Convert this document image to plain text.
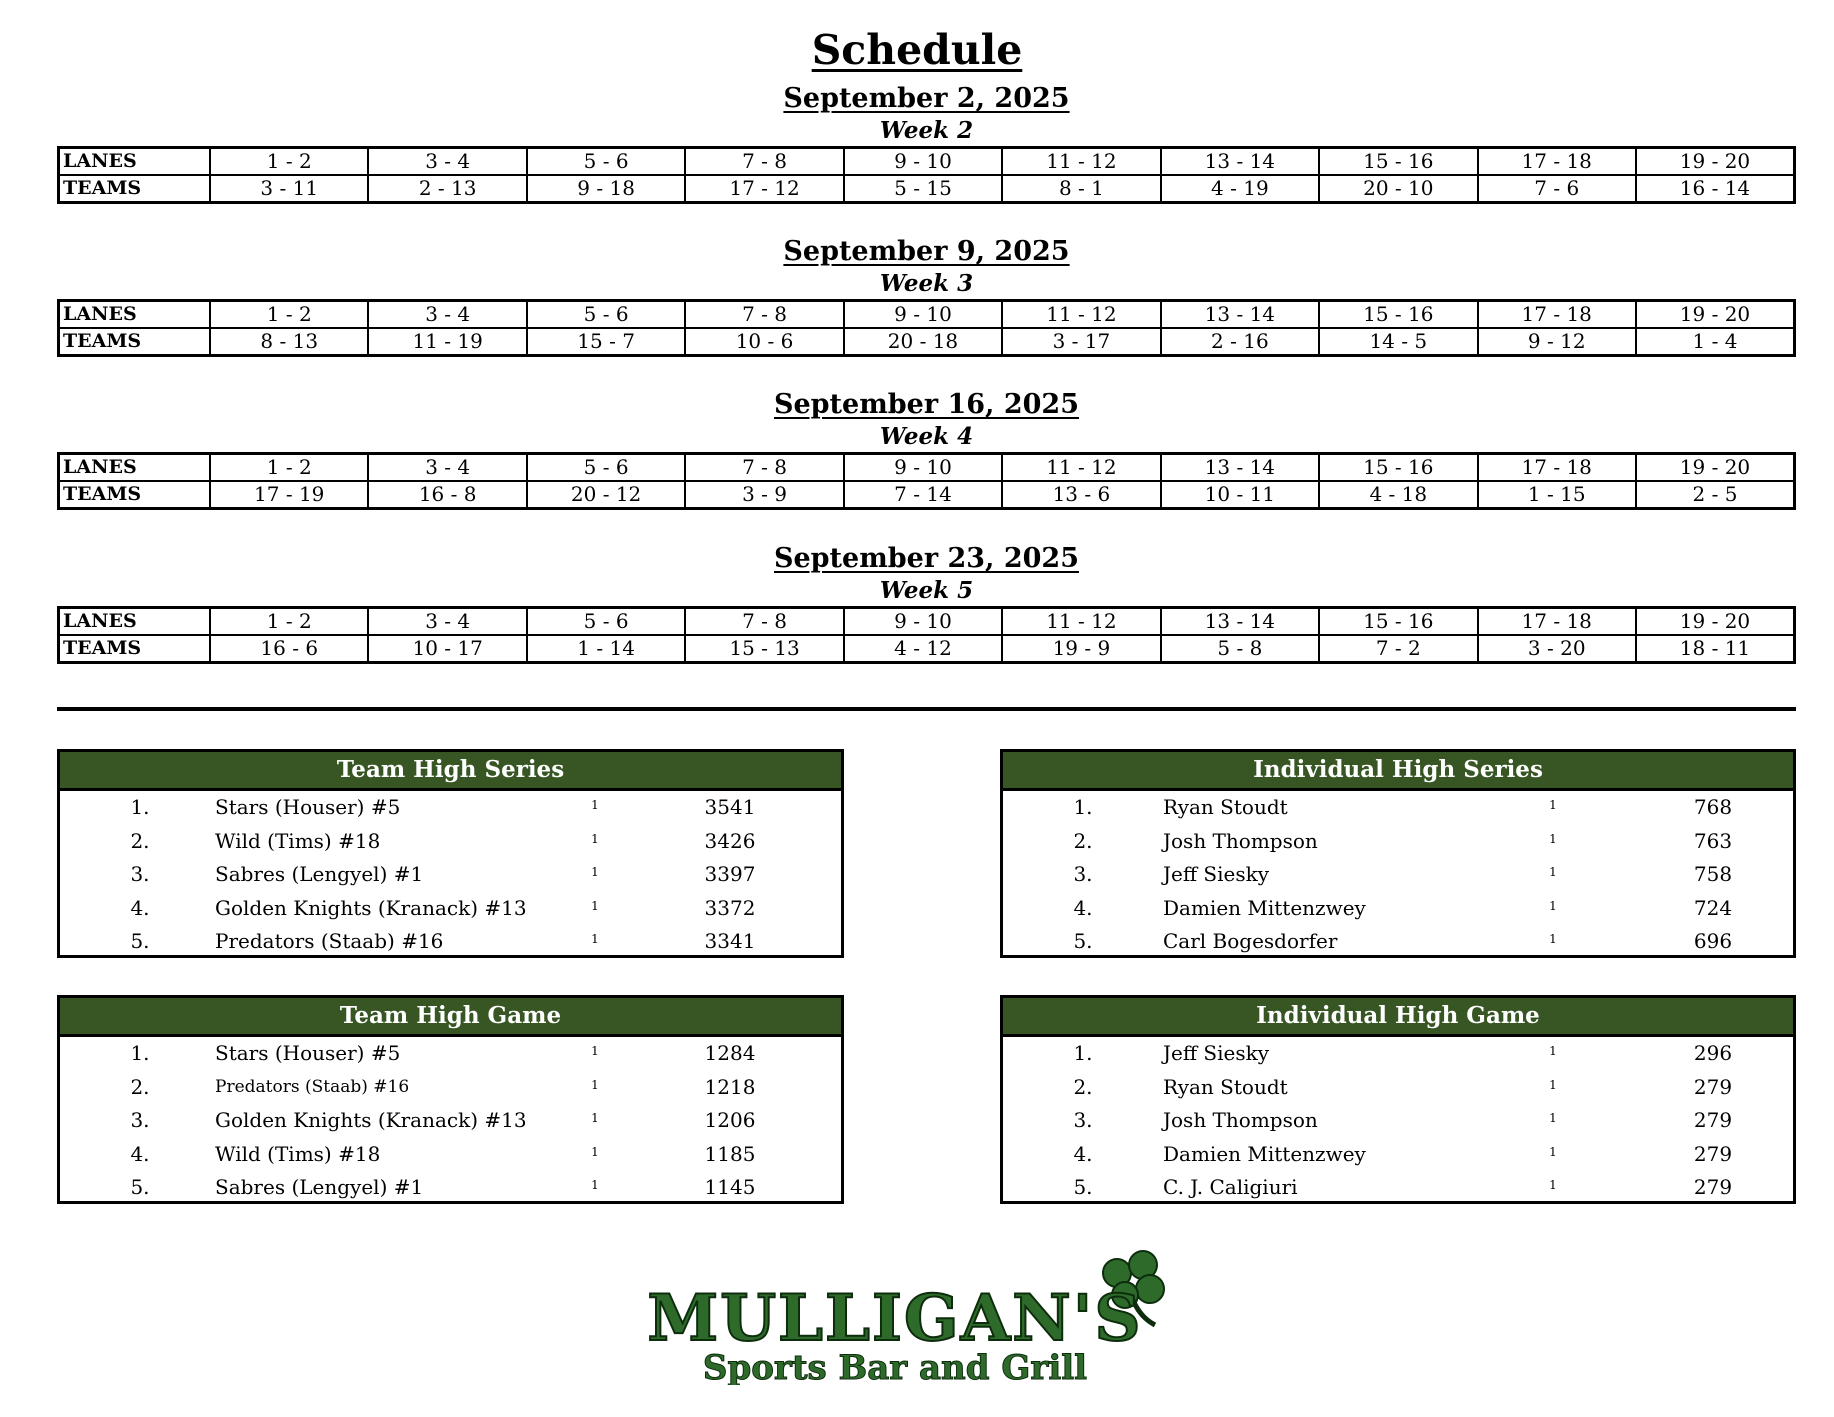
Schedule
September 2, 2025
Week 2
LANES	1 - 2	3 - 4	5 - 6	7 - 8	9 - 10	11 - 12	13 - 14	15 - 16	17 - 18	19 - 20
TEAMS	3 - 11	2 - 13	9 - 18	17 - 12	5 - 15	8 - 1	4 - 19	20 - 10	7 - 6	16 - 14
September 9, 2025
Week 3
LANES	1 - 2	3 - 4	5 - 6	7 - 8	9 - 10	11 - 12	13 - 14	15 - 16	17 - 18	19 - 20
TEAMS	8 - 13	11 - 19	15 - 7	10 - 6	20 - 18	3 - 17	2 - 16	14 - 5	9 - 12	1 - 4
September 16, 2025
Week 4
LANES	1 - 2	3 - 4	5 - 6	7 - 8	9 - 10	11 - 12	13 - 14	15 - 16	17 - 18	19 - 20
TEAMS	17 - 19	16 - 8	20 - 12	3 - 9	7 - 14	13 - 6	10 - 11	4 - 18	1 - 15	2 - 5
September 23, 2025
Week 5
LANES	1 - 2	3 - 4	5 - 6	7 - 8	9 - 10	11 - 12	13 - 14	15 - 16	17 - 18	19 - 20
TEAMS	16 - 6	10 - 17	1 - 14	15 - 13	4 - 12	19 - 9	5 - 8	7 - 2	3 - 20	18 - 11
Team High Series
1.	Stars (Houser) #5	1	3541
2.	Wild (Tims) #18	1	3426
3.	Sabres (Lengyel) #1	1	3397
4.	Golden Knights (Kranack) #13	1	3372
5.	Predators (Staab) #16	1	3341
Individual High Series
1.	Ryan Stoudt	1	768
2.	Josh Thompson	1	763
3.	Jeff Siesky	1	758
4.	Damien Mittenzwey	1	724
5.	Carl Bogesdorfer	1	696
Team High Game
1.	Stars (Houser) #5	1	1284
2.	Predators (Staab) #16	1	1218
3.	Golden Knights (Kranack) #13	1	1206
4.	Wild (Tims) #18	1	1185
5.	Sabres (Lengyel) #1	1	1145
Individual High Game
1.	Jeff Siesky	1	296
2.	Ryan Stoudt	1	279
3.	Josh Thompson	1	279
4.	Damien Mittenzwey	1	279
5.	C. J. Caligiuri	1	279
MULLIGAN'S
Sports Bar and Grill
